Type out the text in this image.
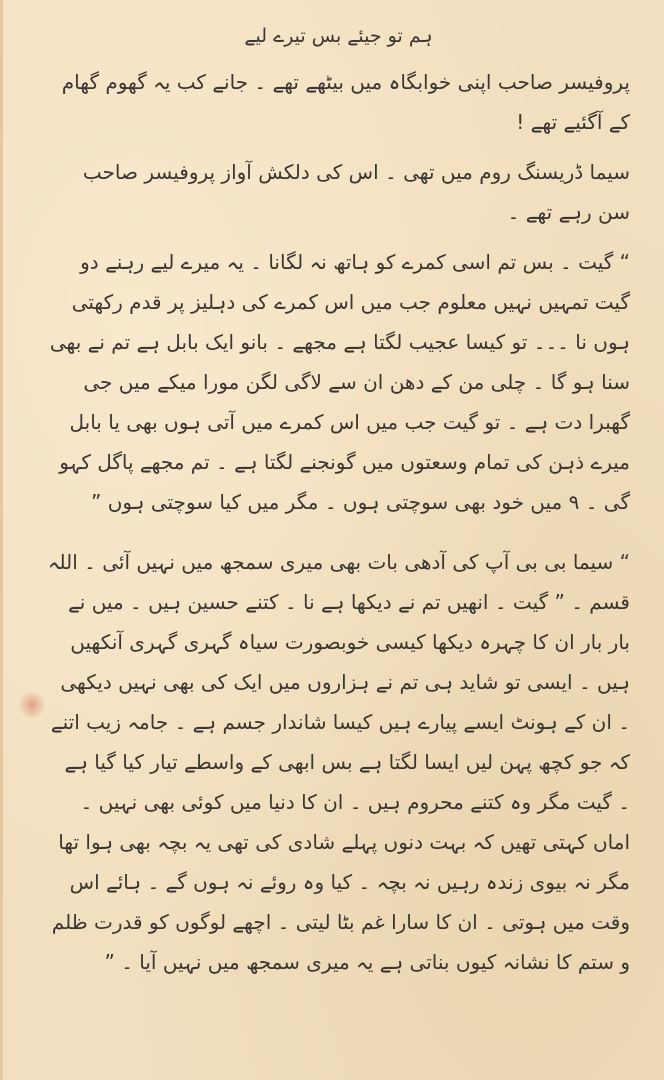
ہم تو جیئے بس تیرے لیے

پروفیسر صاحب اپنی خوابگاہ میں بیٹھے تھے ۔ جانے کب یہ گھوم گھام کے آگئیے تھے !

سیما ڈریسنگ روم میں تھی ۔ اس کی دلکش آواز پروفیسر صاحب سن رہے تھے ۔

“ گیت ۔ بس تم اسی کمرے کو ہاتھ نہ لگانا ۔ یہ میرے لیے رہنے دو گیت تمہیں نہیں معلوم جب میں اس کمرے کی دہلیز پر قدم رکھتی ہوں نا ۔۔۔ تو کیسا عجیب لگتا ہے مجھے ۔ بانو ایک بابل ہے تم نے بھی سنا ہو گا ۔ چلی من کے دھن ان سے لاگی لگن مورا میکے میں جی گھبرا دت ہے ۔ تو گیت جب میں اس کمرے میں آتی ہوں بھی یا بابل میرے ذہن کی تمام وسعتوں میں گونجنے لگتا ہے ۔ تم مجھے پاگل کہو گی ۔ ۹ میں خود بھی سوچتی ہوں ۔ مگر میں کیا سوچتی ہوں ”

“ سیما بی بی آپ کی آدھی بات بھی میری سمجھ میں نہیں آئی ۔ اللہ قسم ۔ ” گیت ۔ انھیں تم نے دیکھا ہے نا ۔ کتنے حسین ہیں ۔ میں نے بار بار ان کا چہرہ دیکھا کیسی خوبصورت سیاہ گہری گہری آنکھیں ہیں ۔ ایسی تو شاید ہی تم نے ہزاروں میں ایک کی بھی نہیں دیکھی ۔ ان کے ہونٹ ایسے پیارے ہیں کیسا شاندار جسم ہے ۔ جامہ زیب اتنے کہ جو کچھ پہن لیں ایسا لگتا ہے بس ابھی کے واسطے تیار کیا گیا ہے ۔ گیت مگر وہ کتنے محروم ہیں ۔ ان کا دنیا میں کوئی بھی نہیں ۔ اماں کہتی تھیں کہ بہت دنوں پہلے شادی کی تھی یہ بچہ بھی ہوا تھا مگر نہ بیوی زندہ رہیں نہ بچہ ۔ کیا وہ روئے نہ ہوں گے ۔ ہائے اس وقت میں ہوتی ۔ ان کا سارا غم بٹا لیتی ۔ اچھے لوگوں کو قدرت ظلم و ستم کا نشانہ کیوں بناتی ہے یہ میری سمجھ میں نہیں آیا ۔ ”
